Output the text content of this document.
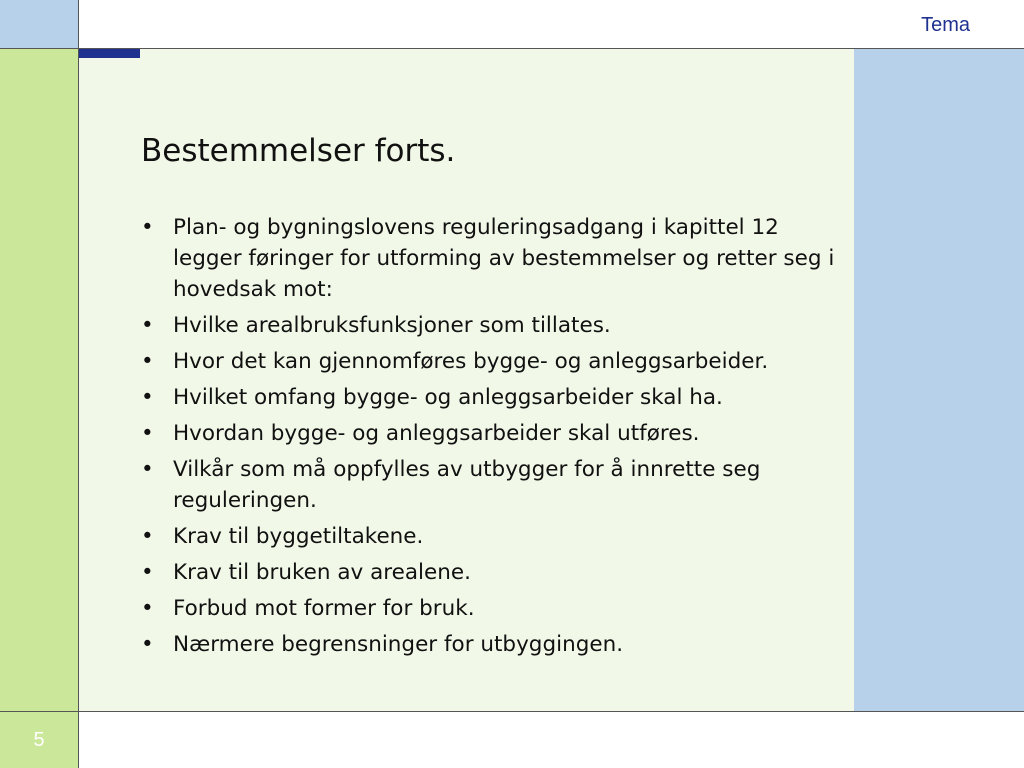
Tema
5
Bestemmelser forts.
• Plan- og bygningslovens reguleringsadgang i kapittel 12 legger føringer for utforming av bestemmelser og retter seg i hovedsak mot:
• Hvilke arealbruksfunksjoner som tillates.
• Hvor det kan gjennomføres bygge- og anleggsarbeider.
• Hvilket omfang bygge- og anleggsarbeider skal ha.
• Hvordan bygge- og anleggsarbeider skal utføres.
• Vilkår som må oppfylles av utbygger for å innrette seg reguleringen.
• Krav til byggetiltakene.
• Krav til bruken av arealene.
• Forbud mot former for bruk.
• Nærmere begrensninger for utbyggingen.
